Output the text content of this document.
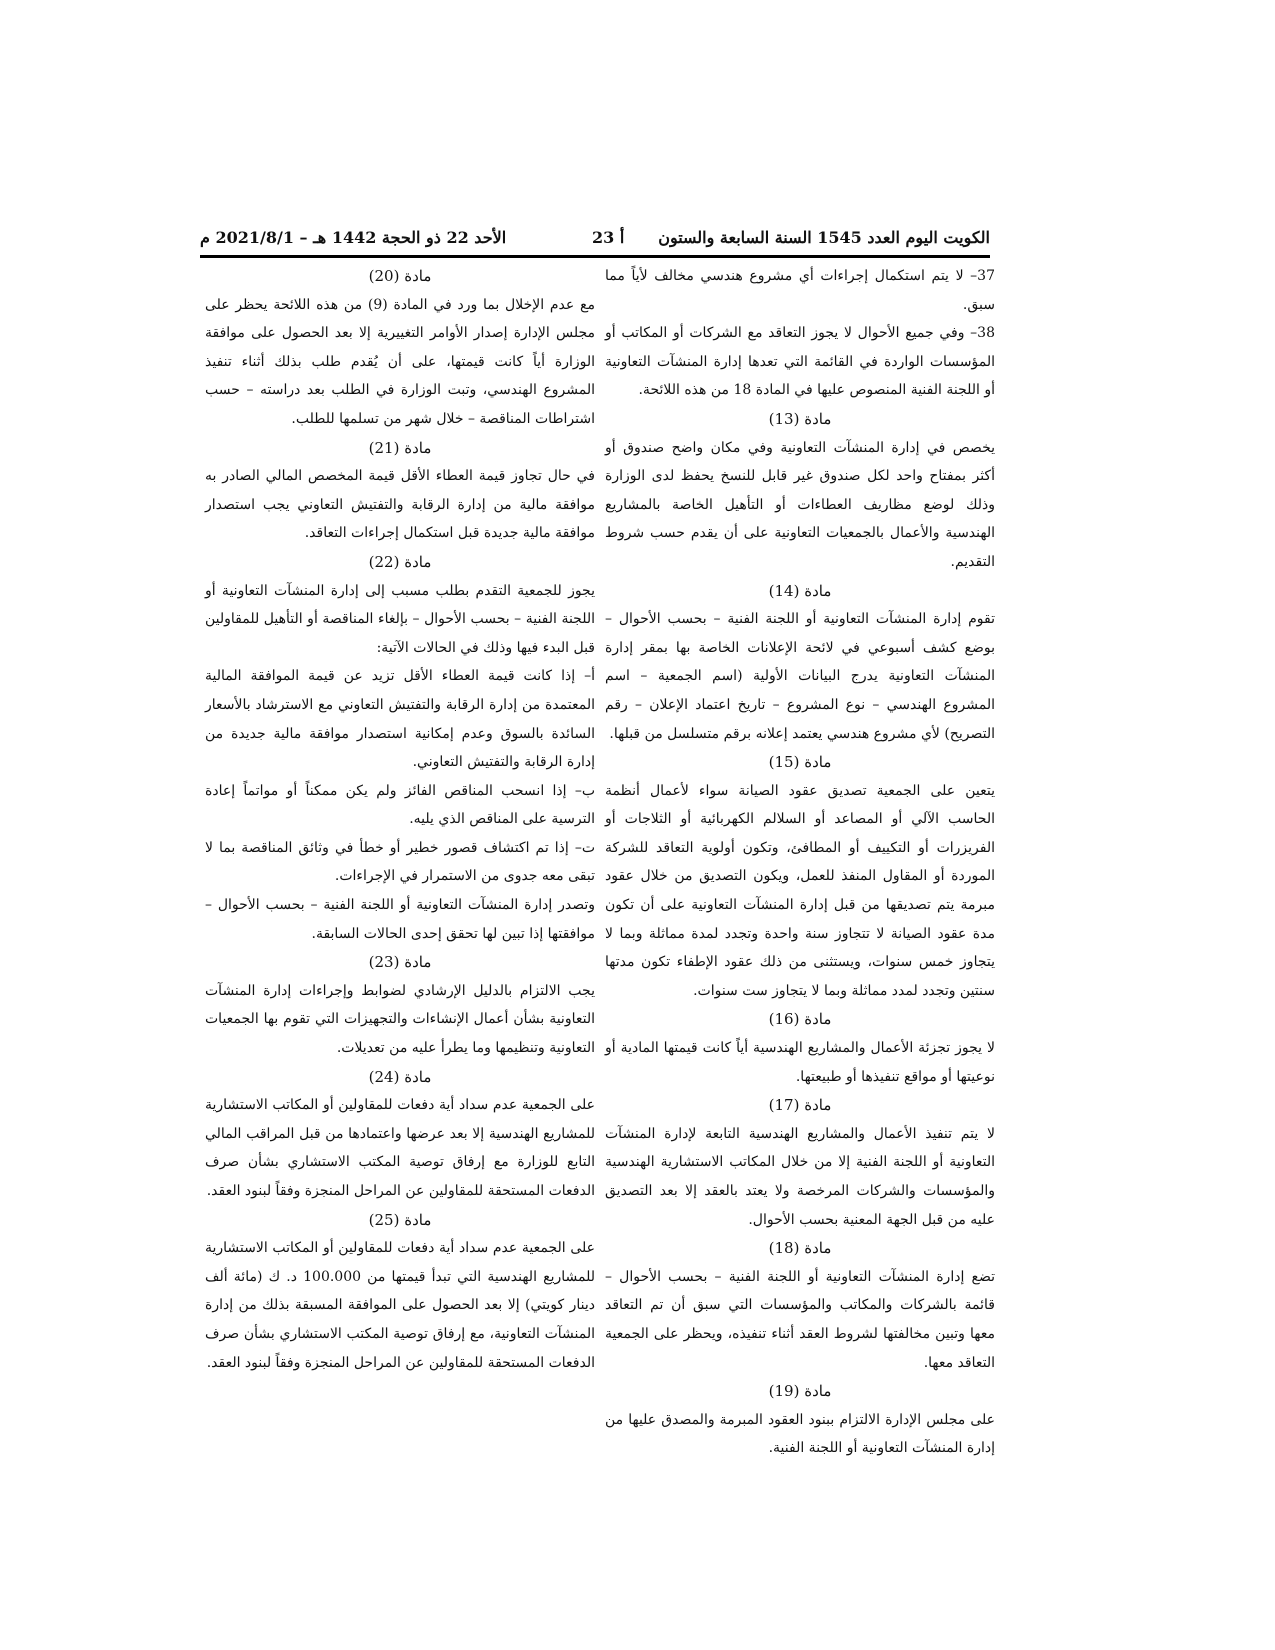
الكويت اليوم العدد 1545 السنة السابعة والستون
أ 23
الأحد 22 ذو الحجة 1442 هـ – 2021/8/1 م

37– لا يتم استكمال إجراءات أي مشروع هندسي مخالف لأياً مما سبق.

38– وفي جميع الأحوال لا يجوز التعاقد مع الشركات أو المكاتب أو المؤسسات الواردة في القائمة التي تعدها إدارة المنشآت التعاونية أو اللجنة الفنية المنصوص عليها في المادة 18 من هذه اللائحة.

مادة (13)

يخصص في إدارة المنشآت التعاونية وفي مكان واضح صندوق أو أكثر بمفتاح واحد لكل صندوق غير قابل للنسخ يحفظ لدى الوزارة وذلك لوضع مظاريف العطاءات أو التأهيل الخاصة بالمشاريع الهندسية والأعمال بالجمعيات التعاونية على أن يقدم حسب شروط التقديم.

مادة (14)

تقوم إدارة المنشآت التعاونية أو اللجنة الفنية – بحسب الأحوال – بوضع كشف أسبوعي في لائحة الإعلانات الخاصة بها بمقر إدارة المنشآت التعاونية يدرج البيانات الأولية (اسم الجمعية – اسم المشروع الهندسي – نوع المشروع – تاريخ اعتماد الإعلان – رقم التصريح) لأي مشروع هندسي يعتمد إعلانه برقم متسلسل من قبلها.

مادة (15)

يتعين على الجمعية تصديق عقود الصيانة سواء لأعمال أنظمة الحاسب الآلي أو المصاعد أو السلالم الكهربائية أو الثلاجات أو الفريزرات أو التكييف أو المطافئ، وتكون أولوية التعاقد للشركة الموردة أو المقاول المنفذ للعمل، ويكون التصديق من خلال عقود مبرمة يتم تصديقها من قبل إدارة المنشآت التعاونية على أن تكون مدة عقود الصيانة لا تتجاوز سنة واحدة وتجدد لمدة مماثلة وبما لا يتجاوز خمس سنوات، ويستثنى من ذلك عقود الإطفاء تكون مدتها سنتين وتجدد لمدد مماثلة وبما لا يتجاوز ست سنوات.

مادة (16)

لا يجوز تجزئة الأعمال والمشاريع الهندسية أياً كانت قيمتها المادية أو نوعيتها أو مواقع تنفيذها أو طبيعتها.

مادة (17)

لا يتم تنفيذ الأعمال والمشاريع الهندسية التابعة لإدارة المنشآت التعاونية أو اللجنة الفنية إلا من خلال المكاتب الاستشارية الهندسية والمؤسسات والشركات المرخصة ولا يعتد بالعقد إلا بعد التصديق عليه من قبل الجهة المعنية بحسب الأحوال.

مادة (18)

تضع إدارة المنشآت التعاونية أو اللجنة الفنية – بحسب الأحوال – قائمة بالشركات والمكاتب والمؤسسات التي سبق أن تم التعاقد معها وتبين مخالفتها لشروط العقد أثناء تنفيذه، ويحظر على الجمعية التعاقد معها.

مادة (19)

على مجلس الإدارة الالتزام ببنود العقود المبرمة والمصدق عليها من إدارة المنشآت التعاونية أو اللجنة الفنية.

مادة (20)

مع عدم الإخلال بما ورد في المادة (9) من هذه اللائحة يحظر على مجلس الإدارة إصدار الأوامر التغييرية إلا بعد الحصول على موافقة الوزارة أياً كانت قيمتها، على أن يُقدم طلب بذلك أثناء تنفيذ المشروع الهندسي، وتبت الوزارة في الطلب بعد دراسته – حسب اشتراطات المناقصة – خلال شهر من تسلمها للطلب.

مادة (21)

في حال تجاوز قيمة العطاء الأقل قيمة المخصص المالي الصادر به موافقة مالية من إدارة الرقابة والتفتيش التعاوني يجب استصدار موافقة مالية جديدة قبل استكمال إجراءات التعاقد.

مادة (22)

يجوز للجمعية التقدم بطلب مسبب إلى إدارة المنشآت التعاونية أو اللجنة الفنية – بحسب الأحوال – بإلغاء المناقصة أو التأهيل للمقاولين قبل البدء فيها وذلك في الحالات الآتية:

أ– إذا كانت قيمة العطاء الأقل تزيد عن قيمة الموافقة المالية المعتمدة من إدارة الرقابة والتفتيش التعاوني مع الاسترشاد بالأسعار السائدة بالسوق وعدم إمكانية استصدار موافقة مالية جديدة من إدارة الرقابة والتفتيش التعاوني.

ب– إذا انسحب المناقص الفائز ولم يكن ممكناً أو مواتماً إعادة الترسية على المناقص الذي يليه.

ت– إذا تم اكتشاف قصور خطير أو خطأ في وثائق المناقصة بما لا تبقى معه جدوى من الاستمرار في الإجراءات.

وتصدر إدارة المنشآت التعاونية أو اللجنة الفنية – بحسب الأحوال – موافقتها إذا تبين لها تحقق إحدى الحالات السابقة.

مادة (23)

يجب الالتزام بالدليل الإرشادي لضوابط وإجراءات إدارة المنشآت التعاونية بشأن أعمال الإنشاءات والتجهيزات التي تقوم بها الجمعيات التعاونية وتنظيمها وما يطرأ عليه من تعديلات.

مادة (24)

على الجمعية عدم سداد أية دفعات للمقاولين أو المكاتب الاستشارية للمشاريع الهندسية إلا بعد عرضها واعتمادها من قبل المراقب المالي التابع للوزارة مع إرفاق توصية المكتب الاستشاري بشأن صرف الدفعات المستحقة للمقاولين عن المراحل المنجزة وفقاً لبنود العقد.

مادة (25)

على الجمعية عدم سداد أية دفعات للمقاولين أو المكاتب الاستشارية للمشاريع الهندسية التي تبدأ قيمتها من 100.000 د. ك (مائة ألف دينار كويتي) إلا بعد الحصول على الموافقة المسبقة بذلك من إدارة المنشآت التعاونية، مع إرفاق توصية المكتب الاستشاري بشأن صرف الدفعات المستحقة للمقاولين عن المراحل المنجزة وفقاً لبنود العقد.
